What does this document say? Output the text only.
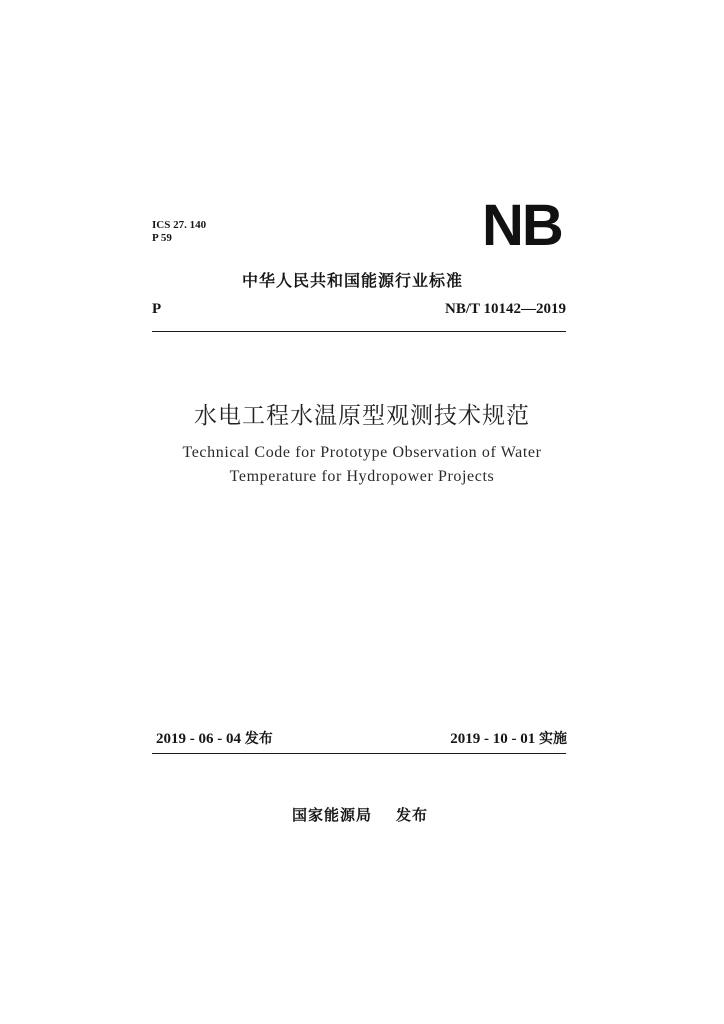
ICS 27. 140
P 59	NB
中华人民共和国能源行业标准
P	NB/T 10142—2019
水电工程水温原型观测技术规范
Technical Code for Prototype Observation of Water
Temperature for Hydropower Projects
2019 - 06 - 04 发布	2019 - 10 - 01 实施
国家能源局 发布
